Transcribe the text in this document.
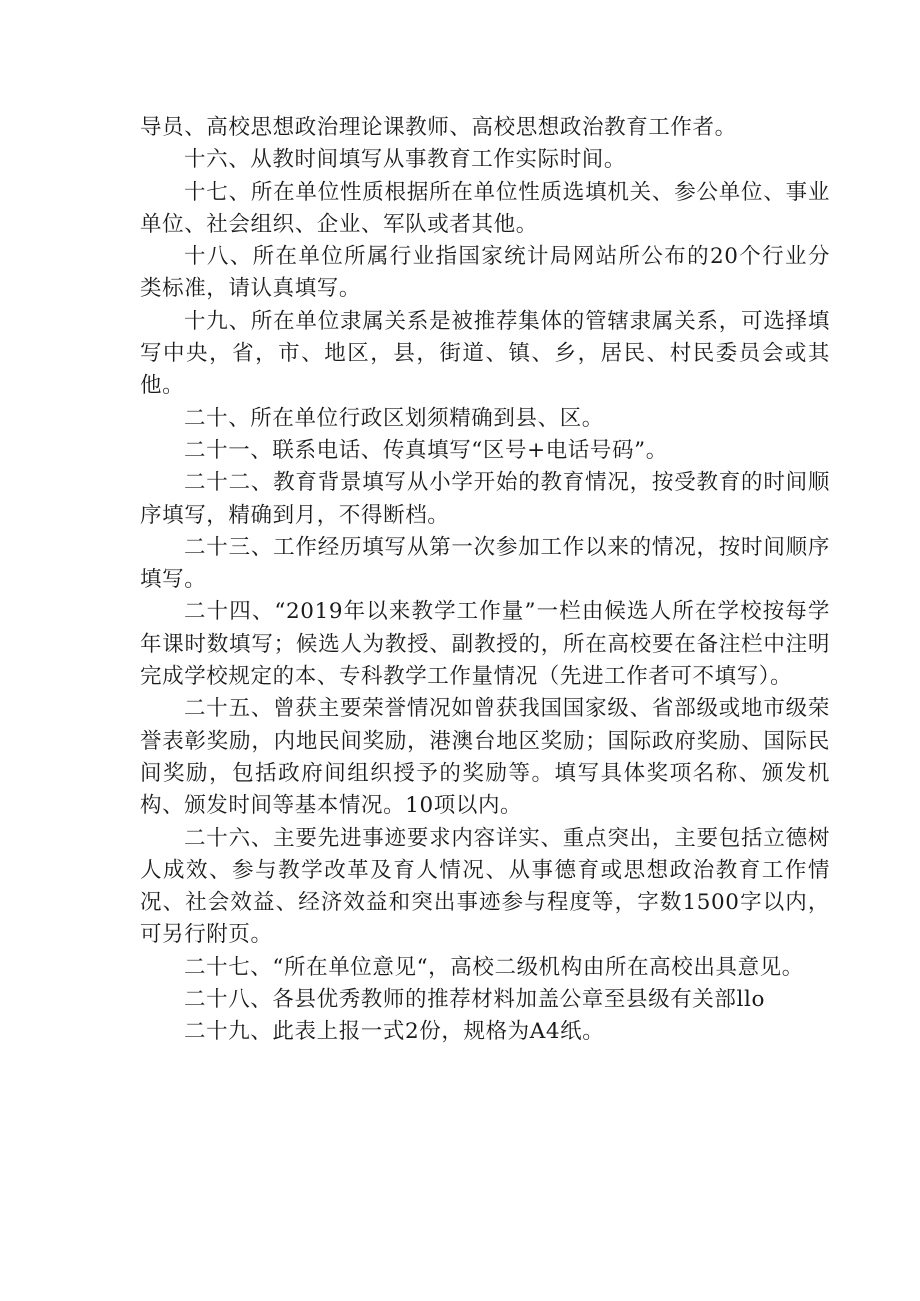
导员、高校思想政治理论课教师、高校思想政治教育工作者。

十六、从教时间填写从事教育工作实际时间。

十七、所在单位性质根据所在单位性质选填机关、参公单位、事业单位、社会组织、企业、军队或者其他。

十八、所在单位所属行业指国家统计局网站所公布的20个行业分类标准，请认真填写。

十九、所在单位隶属关系是被推荐集体的管辖隶属关系，可选择填写中央，省，市、地区，县，街道、镇、乡，居民、村民委员会或其他。

二十、所在单位行政区划须精确到县、区。

二十一、联系电话、传真填写“区号+电话号码”。

二十二、教育背景填写从小学开始的教育情况，按受教育的时间顺序填写，精确到月，不得断档。

二十三、工作经历填写从第一次参加工作以来的情况，按时间顺序填写。

二十四、“2019年以来教学工作量”一栏由候选人所在学校按每学年课时数填写；候选人为教授、副教授的，所在高校要在备注栏中注明完成学校规定的本、专科教学工作量情况（先进工作者可不填写）。

二十五、曾获主要荣誉情况如曾获我国国家级、省部级或地市级荣誉表彰奖励，内地民间奖励，港澳台地区奖励；国际政府奖励、国际民间奖励，包括政府间组织授予的奖励等。填写具体奖项名称、颁发机构、颁发时间等基本情况。10项以内。

二十六、主要先进事迹要求内容详实、重点突出，主要包括立德树人成效、参与教学改革及育人情况、从事德育或思想政治教育工作情况、社会效益、经济效益和突出事迹参与程度等，字数1500字以内，可另行附页。

二十七、“所在单位意见“，高校二级机构由所在高校出具意见。

二十八、各县优秀教师的推荐材料加盖公章至县级有关部llo

二十九、此表上报一式2份，规格为A4纸。
